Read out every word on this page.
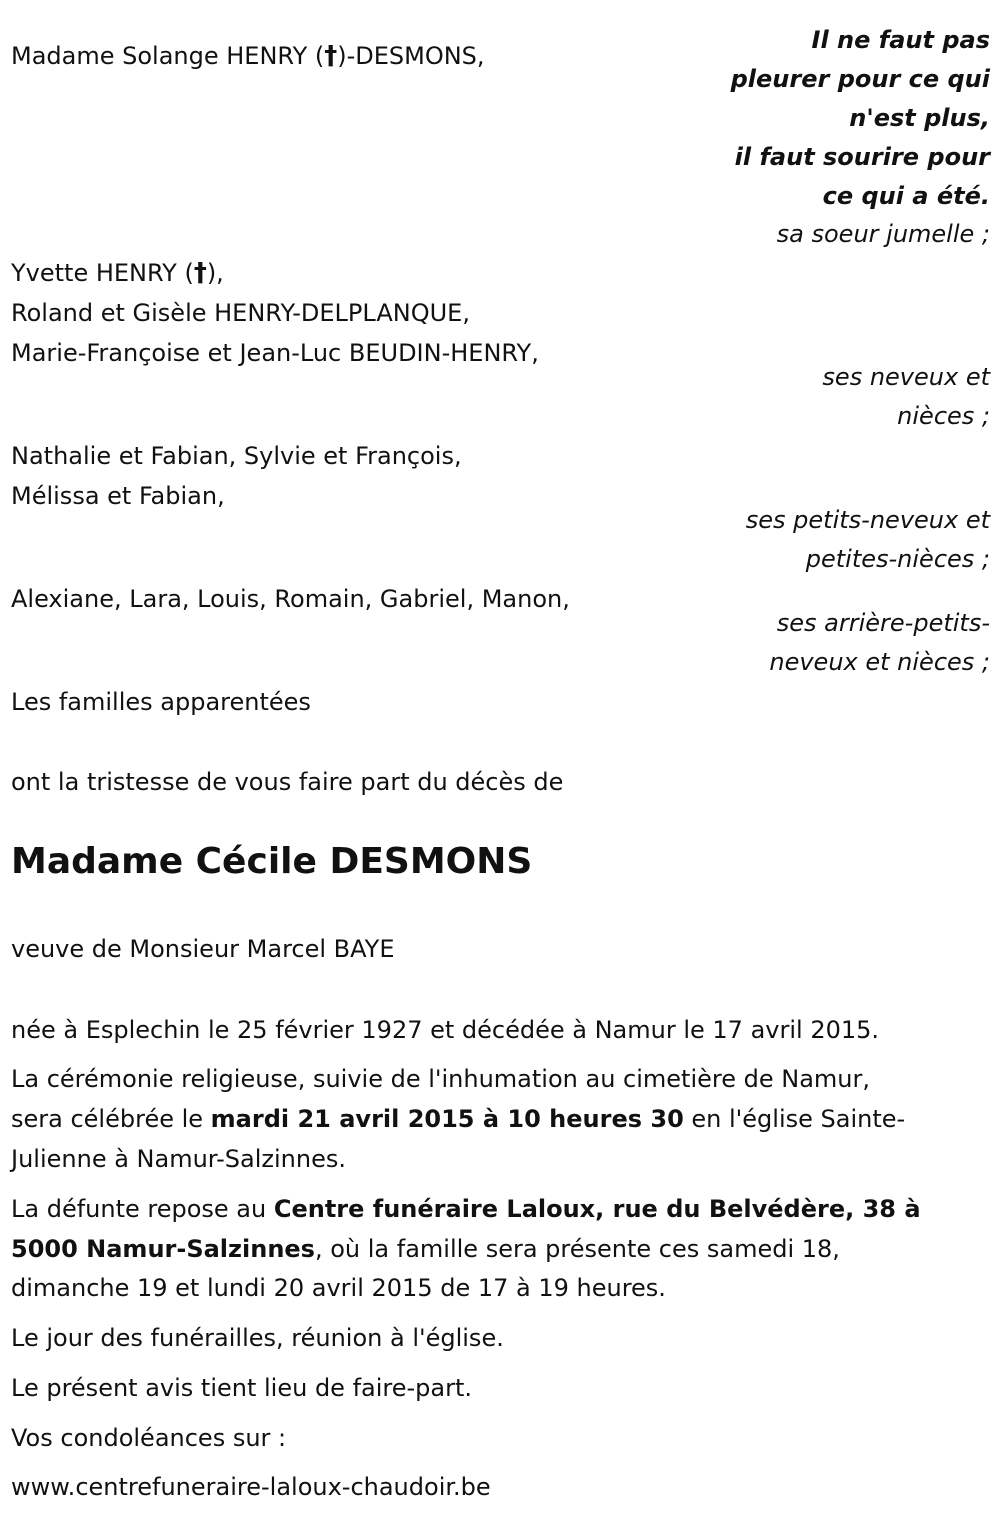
Madame Solange HENRY (†)-DESMONS,
Il ne faut pas
pleurer pour ce qui
n'est plus,
il faut sourire pour
ce qui a été.
sa soeur jumelle ;
Yvette HENRY (†),
Roland et Gisèle HENRY-DELPLANQUE,
Marie-Françoise et Jean-Luc BEUDIN-HENRY,
ses neveux et
nièces ;
Nathalie et Fabian, Sylvie et François,
Mélissa et Fabian,
ses petits-neveux et
petites-nièces ;
Alexiane, Lara, Louis, Romain, Gabriel, Manon,
ses arrière-petits-
neveux et nièces ;
Les familles apparentées
ont la tristesse de vous faire part du décès de
Madame Cécile DESMONS
veuve de Monsieur Marcel BAYE
née à Esplechin le 25 février 1927 et décédée à Namur le 17 avril 2015.
La cérémonie religieuse, suivie de l'inhumation au cimetière de Namur,
sera célébrée le mardi 21 avril 2015 à 10 heures 30 en l'église Sainte-
Julienne à Namur-Salzinnes.
La défunte repose au Centre funéraire Laloux, rue du Belvédère, 38 à
5000 Namur-Salzinnes, où la famille sera présente ces samedi 18,
dimanche 19 et lundi 20 avril 2015 de 17 à 19 heures.
Le jour des funérailles, réunion à l'église.
Le présent avis tient lieu de faire-part.
Vos condoléances sur :
www.centrefuneraire-laloux-chaudoir.be
